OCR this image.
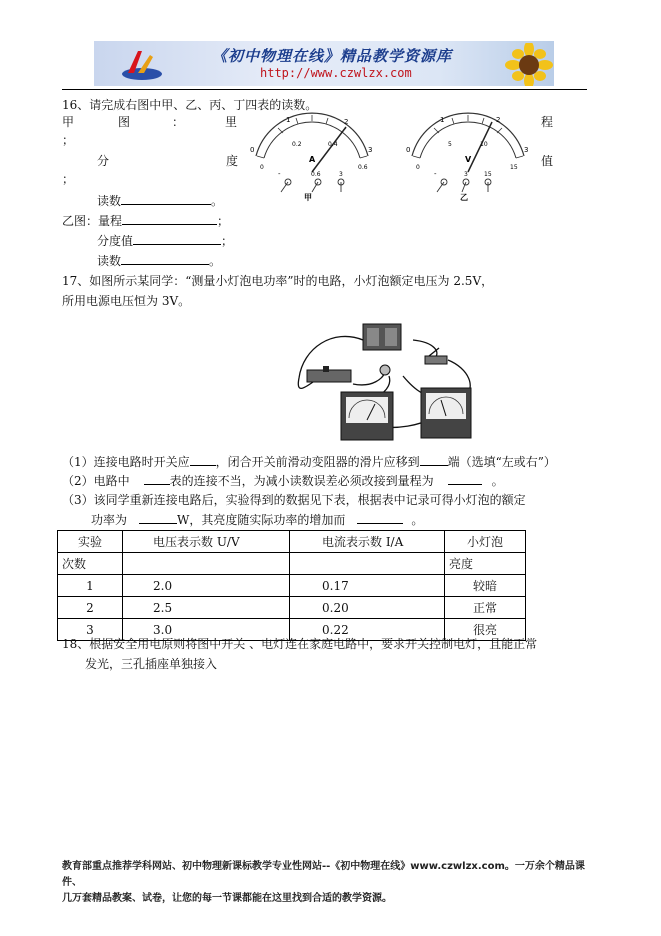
《初中物理在线》精品教学资源库
http://www.czwlzx.com
16、请完成右图中甲、乙、丙、丁四表的读数。
甲	图	：	里	程
；
分	度	值
；
读数	。
乙图：量程	；
分度值	；
读数	。
0
1	2
3
0
0.2	0.4
0.6
A
-	0.6	3
甲
0
1	2
3
0
5	10
15
V
-	3	15
乙
17、如图所示某同学：“测量小灯泡电功率”时的电路，小灯泡额定电压为 2.5V，
所用电源电压恒为 3V。
（1）连接电路时开关应 ，闭合开关前滑动变阻器的滑片应移到 端（选填“左或右”）
（2）电路中	表的连接不当，为减小读数误差必须改接到量程为	。
（3）该同学重新连接电路后，实验得到的数据见下表，根据表中记录可得小灯泡的额定
功率为	W，其亮度随实际功率的增加而	。
实验	电压表示数 U/V	电流表示数 I/A	小灯泡
次数			亮度
1	2.0	0.17	较暗
2	2.5	0.20	正常
3	3.0	0.22	很亮
18、根据安全用电原则将图中开关 、电灯连在家庭电路中，要求开关控制电灯，且能正常
发光，三孔插座单独接入
教育部重点推荐学科网站、初中物理新课标教学专业性网站--《初中物理在线》www.czwlzx.com。一万余个精品课件、
几万套精品教案、试卷，让您的每一节课都能在这里找到合适的教学资源。
